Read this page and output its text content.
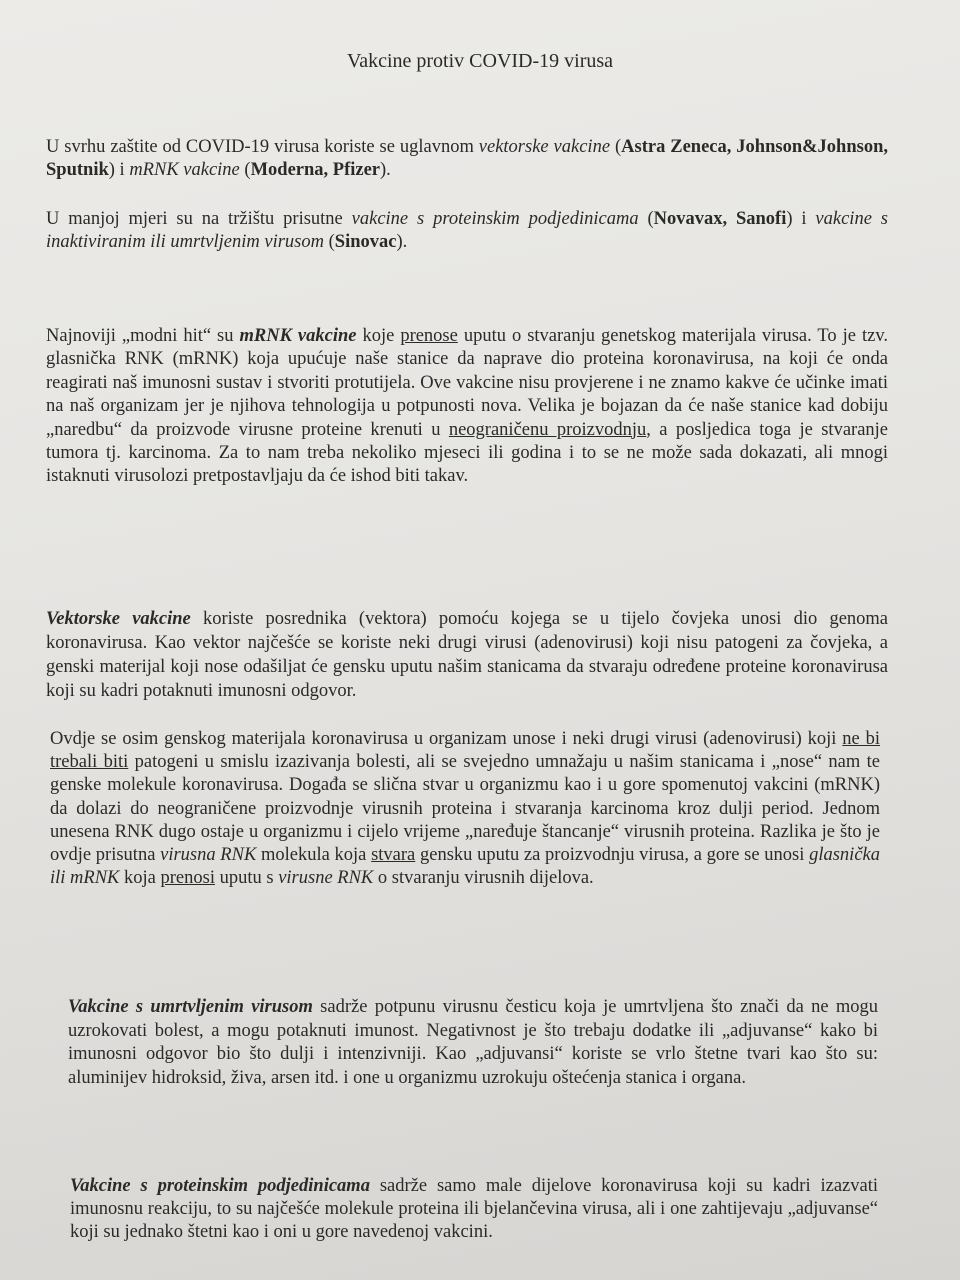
Vakcine protiv COVID-19 virusa

U svrhu zaštite od COVID-19 virusa koriste se uglavnom vektorske vakcine (Astra Zeneca, Johnson&Johnson, Sputnik) i mRNK vakcine (Moderna, Pfizer).

U manjoj mjeri su na tržištu prisutne vakcine s proteinskim podjedinicama (Novavax, Sanofi) i vakcine s inaktiviranim ili umrtvljenim virusom (Sinovac).

Najnoviji „modni hit“ su mRNK vakcine koje prenose uputu o stvaranju genetskog materijala virusa. To je tzv. glasnička RNK (mRNK) koja upućuje naše stanice da naprave dio proteina koronavirusa, na koji će onda reagirati naš imunosni sustav i stvoriti protutijela. Ove vakcine nisu provjerene i ne znamo kakve će učinke imati na naš organizam jer je njihova tehnologija u potpunosti nova. Velika je bojazan da će naše stanice kad dobiju „naredbu“ da proizvode virusne proteine krenuti u neograničenu proizvodnju, a posljedica toga je stvaranje tumora tj. karcinoma. Za to nam treba nekoliko mjeseci ili godina i to se ne može sada dokazati, ali mnogi istaknuti virusolozi pretpostavljaju da će ishod biti takav.

Vektorske vakcine koriste posrednika (vektora) pomoću kojega se u tijelo čovjeka unosi dio genoma koronavirusa. Kao vektor najčešće se koriste neki drugi virusi (adenovirusi) koji nisu patogeni za čovjeka, a genski materijal koji nose odašiljat će gensku uputu našim stanicama da stvaraju određene proteine koronavirusa koji su kadri potaknuti imunosni odgovor.

Ovdje se osim genskog materijala koronavirusa u organizam unose i neki drugi virusi (adenovirusi) koji ne bi trebali biti patogeni u smislu izazivanja bolesti, ali se svejedno umnažaju u našim stanicama i „nose“ nam te genske molekule koronavirusa. Događa se slična stvar u organizmu kao i u gore spomenutoj vakcini (mRNK) da dolazi do neograničene proizvodnje virusnih proteina i stvaranja karcinoma kroz dulji period. Jednom unesena RNK dugo ostaje u organizmu i cijelo vrijeme „naređuje štancanje“ virusnih proteina. Razlika je što je ovdje prisutna virusna RNK molekula koja stvara gensku uputu za proizvodnju virusa, a gore se unosi glasnička ili mRNK koja prenosi uputu s virusne RNK o stvaranju virusnih dijelova.

Vakcine s umrtvljenim virusom sadrže potpunu virusnu česticu koja je umrtvljena što znači da ne mogu uzrokovati bolest, a mogu potaknuti imunost. Negativnost je što trebaju dodatke ili „adjuvanse“ kako bi imunosni odgovor bio što dulji i intenzivniji. Kao „adjuvansi“ koriste se vrlo štetne tvari kao što su: aluminijev hidroksid, živa, arsen itd. i one u organizmu uzrokuju oštećenja stanica i organa.

Vakcine s proteinskim podjedinicama sadrže samo male dijelove koronavirusa koji su kadri izazvati imunosnu reakciju, to su najčešće molekule proteina ili bjelančevina virusa, ali i one zahtijevaju „adjuvanse“ koji su jednako štetni kao i oni u gore navedenoj vakcini.
